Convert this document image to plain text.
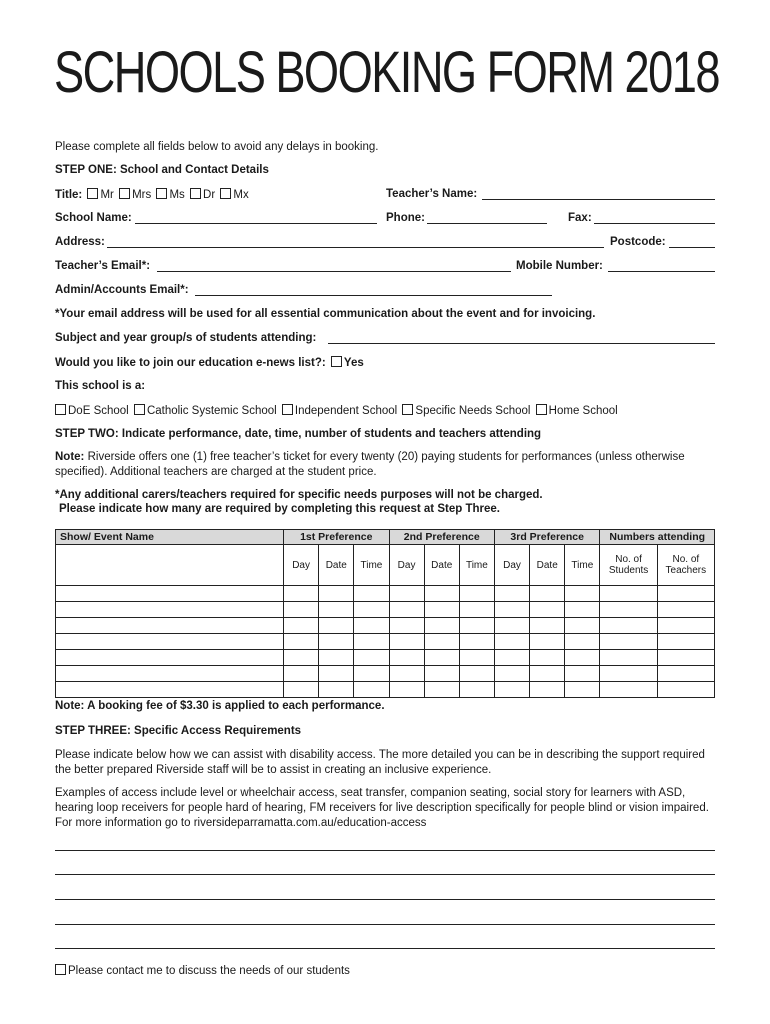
SCHOOLS BOOKING FORM 2018
Please complete all fields below to avoid any delays in booking.
STEP ONE: School and Contact Details
Title: Mr Mrs Ms Dr Mx	Teacher’s Name:
School Name:	Phone:	Fax:
Address:	Postcode:
Teacher’s Email*:	Mobile Number:
Admin/Accounts Email*:
*Your email address will be used for all essential communication about the event and for invoicing.
Subject and year group/s of students attending:
Would you like to join our education e-news list?: Yes
This school is a:
DoE School Catholic Systemic School Independent School Specific Needs School Home School
STEP TWO: Indicate performance, date, time, number of students and teachers attending
Note: Riverside offers one (1) free teacher’s ticket for every twenty (20) paying students for performances (unless otherwise specified). Additional teachers are charged at the student price.
*Any additional carers/teachers required for specific needs purposes will not be charged.
Please indicate how many are required by completing this request at Step Three.
Show/ Event Name	1st Preference			2nd Preference			3rd Preference			Numbers attending	
	Day	Date	Time	Day	Date	Time	Day	Date	Time	No. of Students	No. of Teachers

Note: A booking fee of $3.30 is applied to each performance.
STEP THREE: Specific Access Requirements
Please indicate below how we can assist with disability access. The more detailed you can be in describing the support required the better prepared Riverside staff will be to assist in creating an inclusive experience.
Examples of access include level or wheelchair access, seat transfer, companion seating, social story for learners with ASD, hearing loop receivers for people hard of hearing, FM receivers for live description specifically for people blind or vision impaired. For more information go to riversideparramatta.com.au/education-access
Please contact me to discuss the needs of our students
